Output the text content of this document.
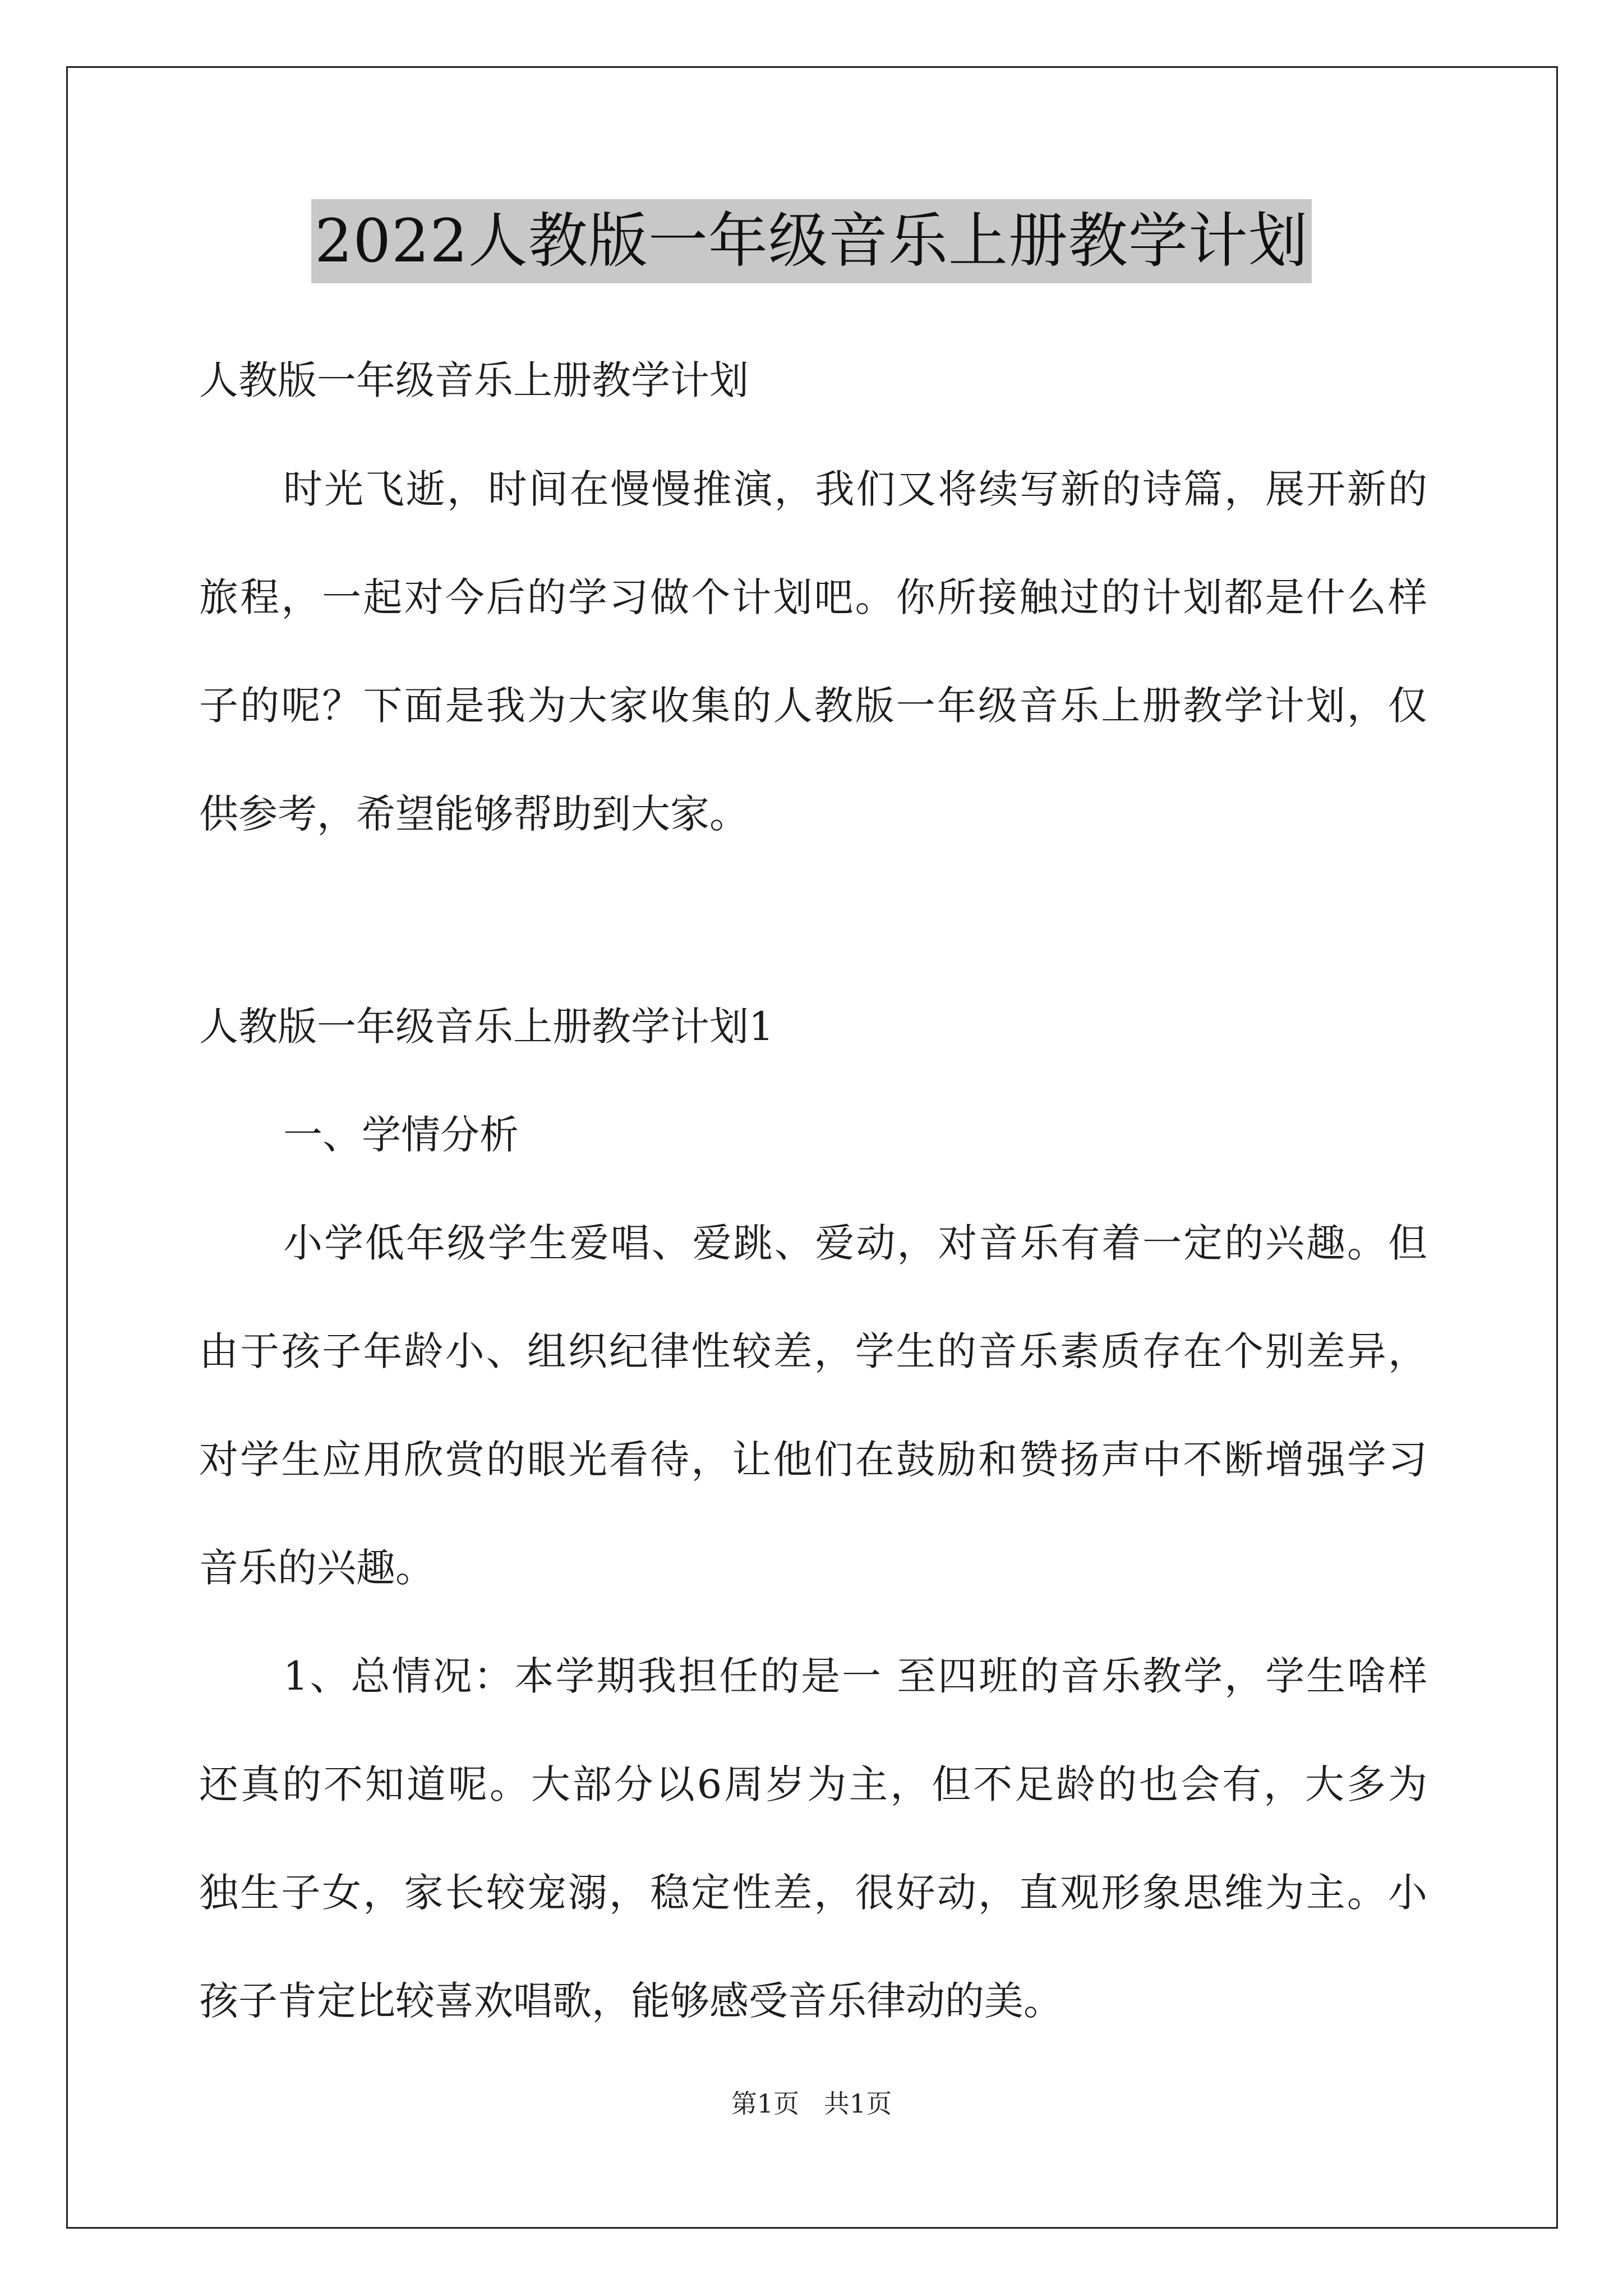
2022人教版一年级音乐上册教学计划
人教版一年级音乐上册教学计划
时光飞逝，时间在慢慢推演，我们又将续写新的诗篇，展开新的
旅程，一起对今后的学习做个计划吧。你所接触过的计划都是什么样
子的呢？下面是我为大家收集的人教版一年级音乐上册教学计划，仅
供参考，希望能够帮助到大家。
人教版一年级音乐上册教学计划1
一、学情分析
小学低年级学生爱唱、爱跳、爱动，对音乐有着一定的兴趣。但
由于孩子年龄小、组织纪律性较差，学生的音乐素质存在个别差异，
对学生应用欣赏的眼光看待，让他们在鼓励和赞扬声中不断增强学习
音乐的兴趣。
1、总情况：本学期我担任的是一 至四班的音乐教学，学生啥样
还真的不知道呢。大部分以6周岁为主，但不足龄的也会有，大多为
独生子女，家长较宠溺，稳定性差，很好动，直观形象思维为主。小
孩子肯定比较喜欢唱歌，能够感受音乐律动的美。
第1页   共1页
